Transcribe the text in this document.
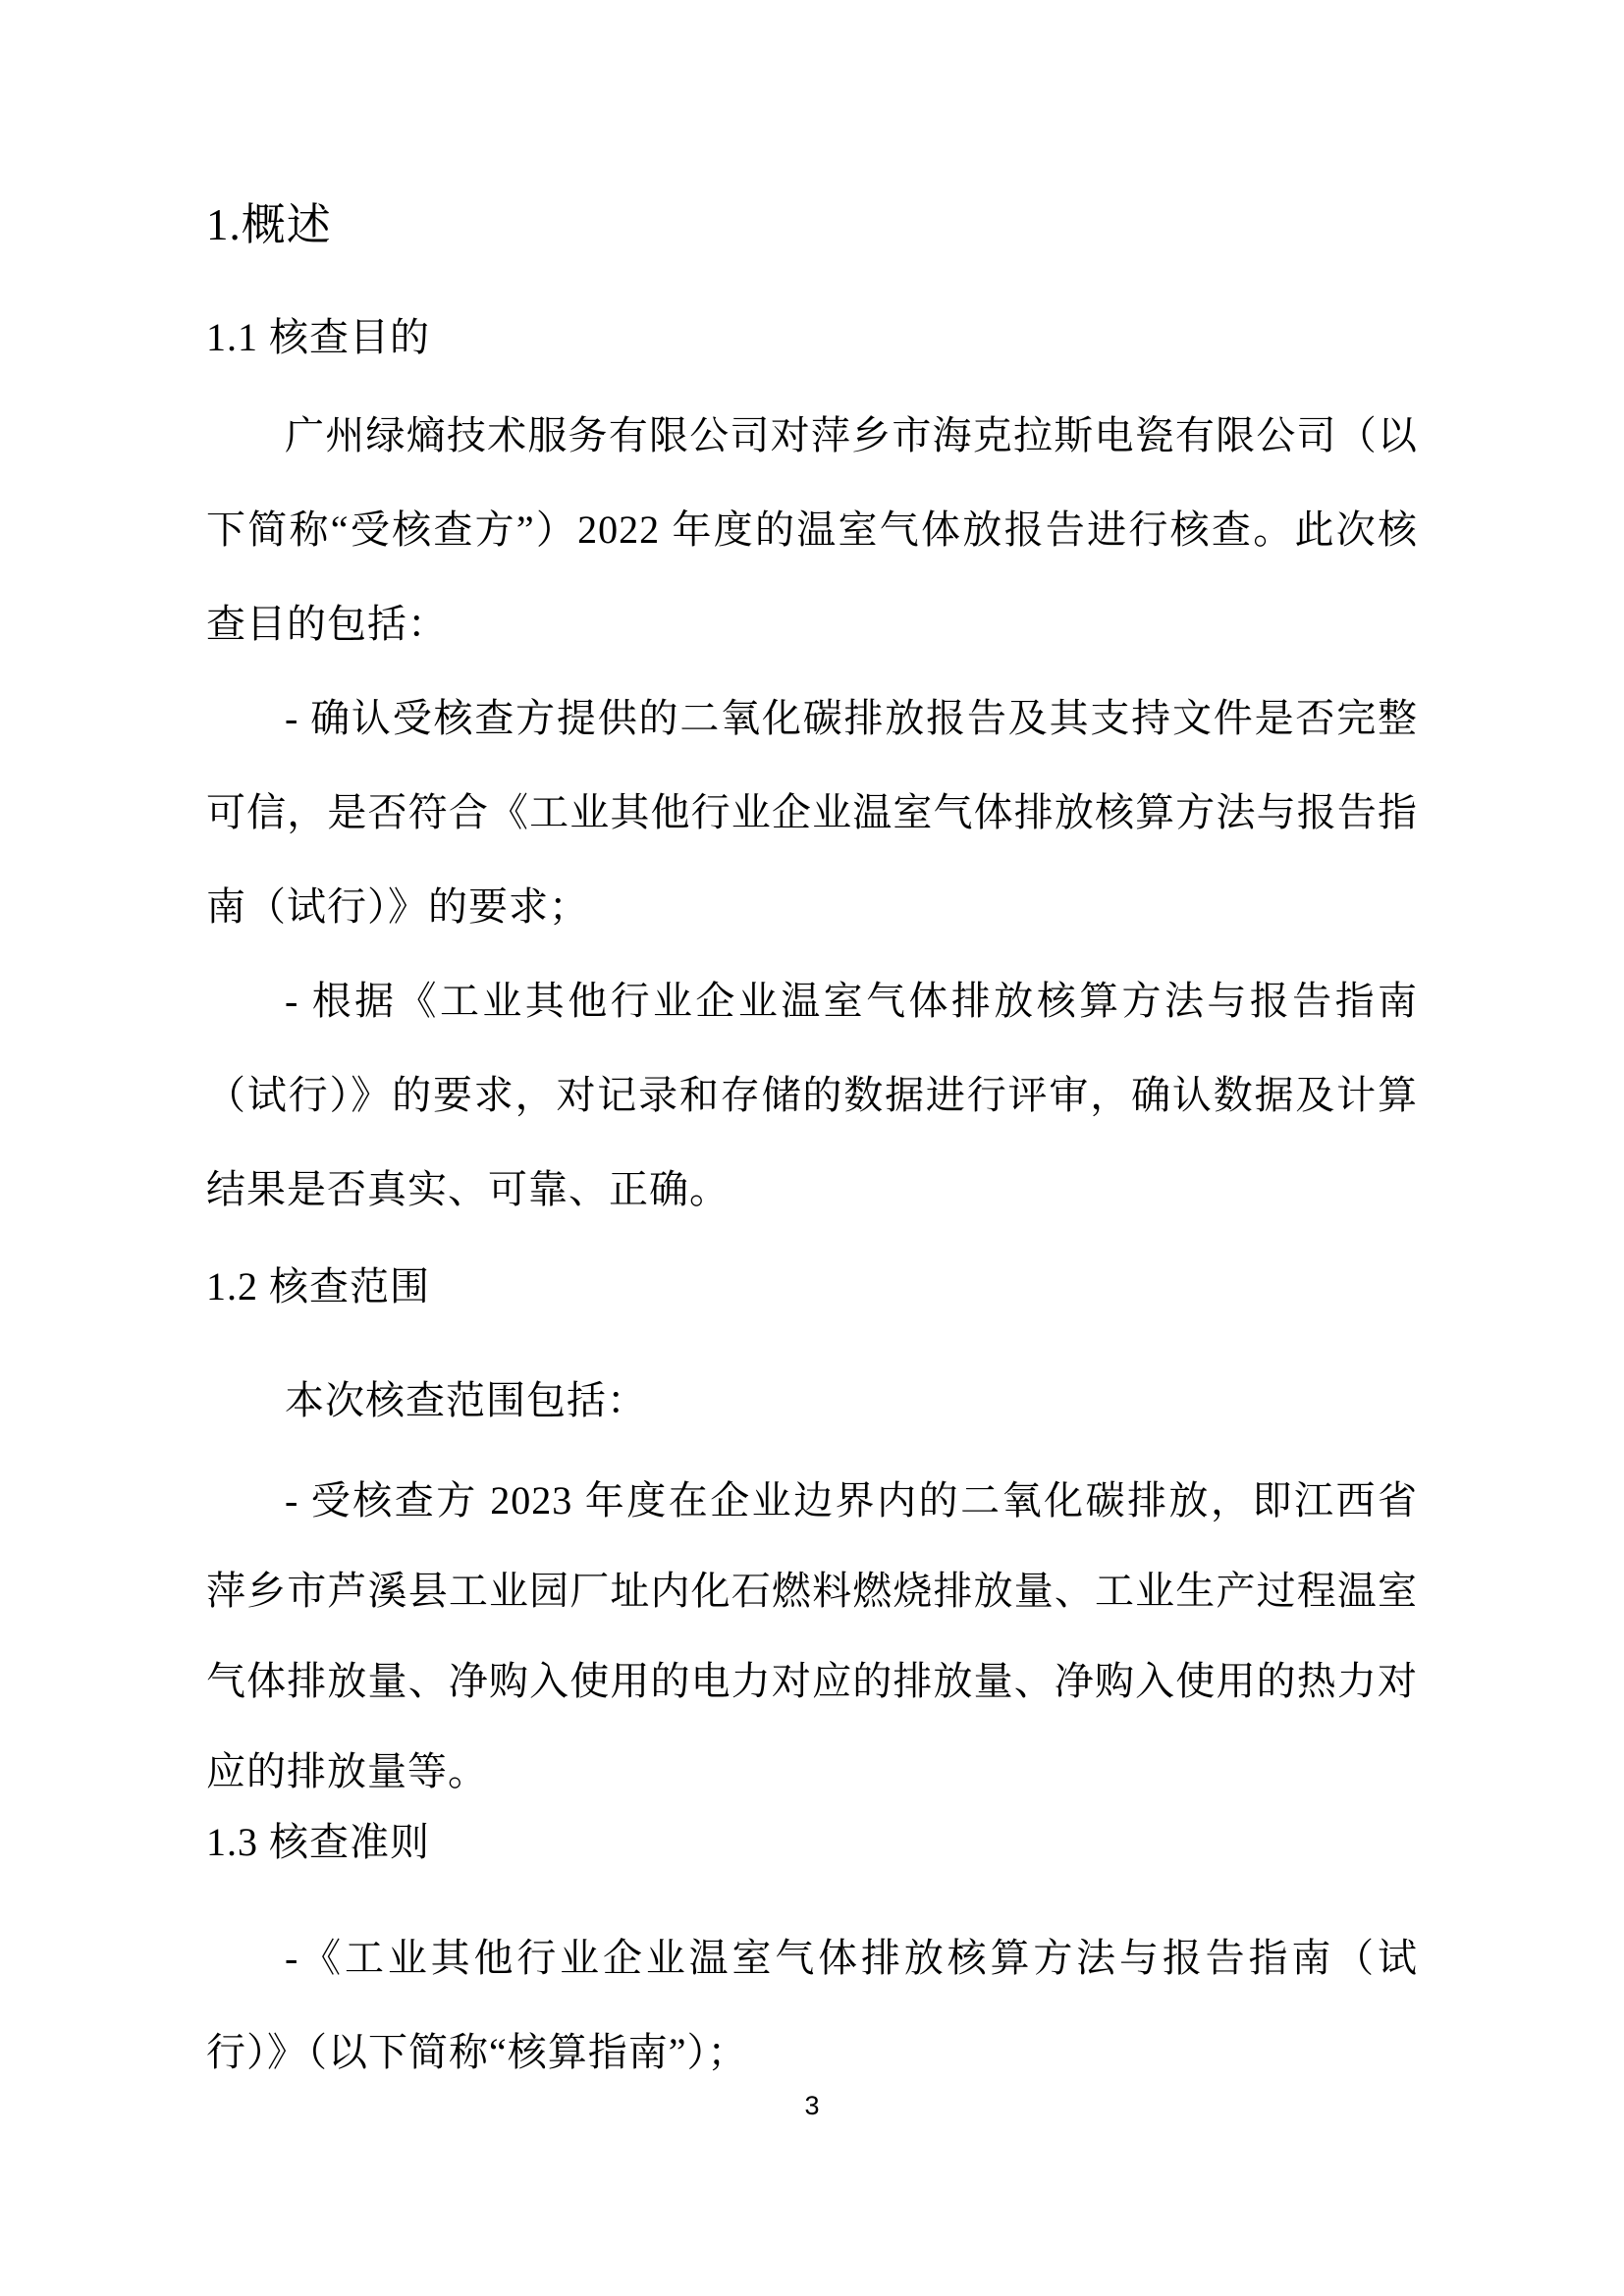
1.概述
1.1 核查目的
广州绿熵技术服务有限公司对萍乡市海克拉斯电瓷有限公司（以下简称“受核查方”）2022 年度的温室气体放报告进行核查。此次核查目的包括：
- 确认受核查方提供的二氧化碳排放报告及其支持文件是否完整可信，是否符合《工业其他行业企业温室气体排放核算方法与报告指南（试行）》的要求；
- 根据《工业其他行业企业温室气体排放核算方法与报告指南（试行）》的要求，对记录和存储的数据进行评审，确认数据及计算结果是否真实、可靠、正确。
1.2 核查范围
本次核查范围包括：
- 受核查方 2023 年度在企业边界内的二氧化碳排放，即江西省萍乡市芦溪县工业园厂址内化石燃料燃烧排放量、工业生产过程温室气体排放量、净购入使用的电力对应的排放量、净购入使用的热力对应的排放量等。
1.3 核查准则
-《工业其他行业企业温室气体排放核算方法与报告指南（试行）》（以下简称“核算指南”）；
3
